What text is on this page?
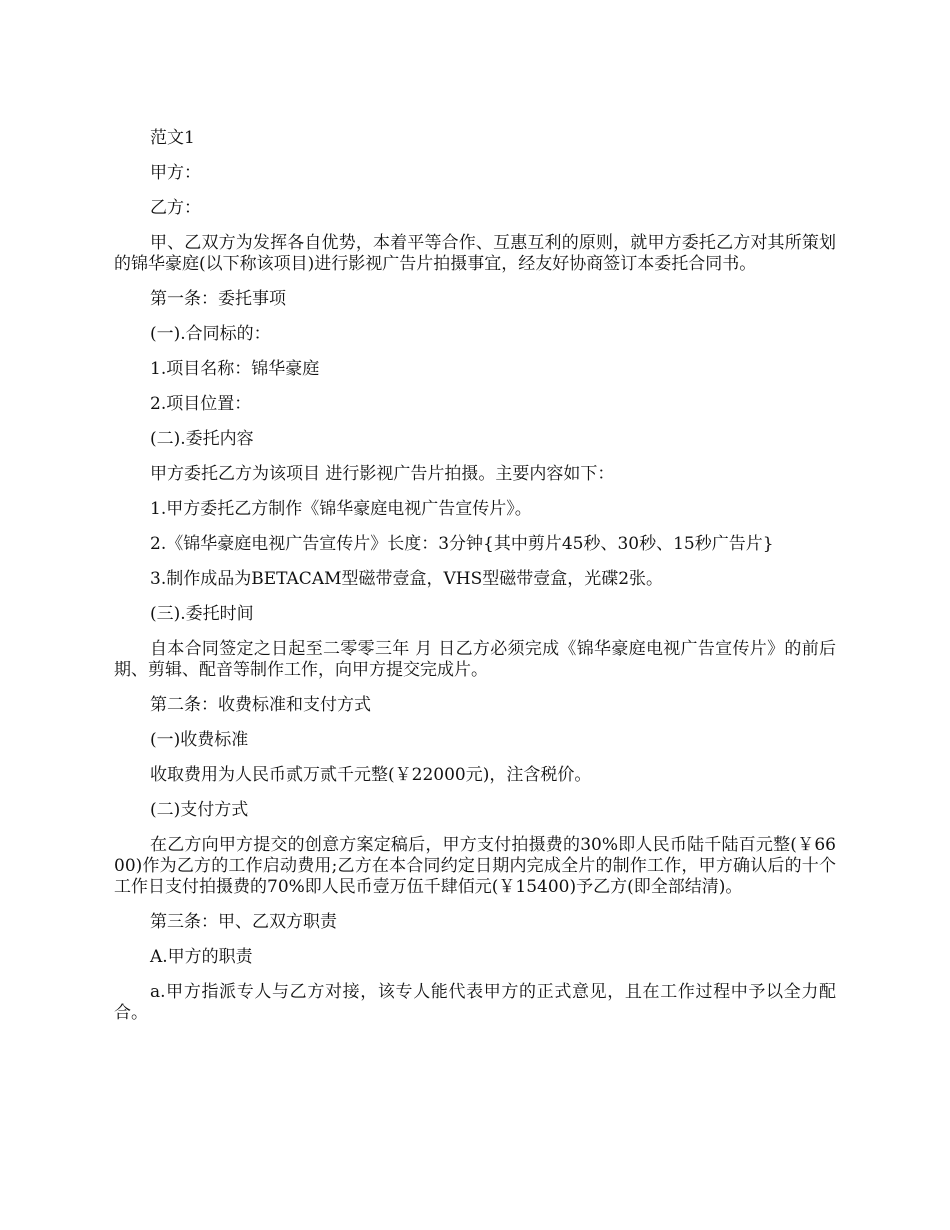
范文1

甲方：

乙方：

甲、乙双方为发挥各自优势，本着平等合作、互惠互利的原则，就甲方委托乙方对其所策划的锦华豪庭(以下称该项目)进行影视广告片拍摄事宜，经友好协商签订本委托合同书。

第一条：委托事项

(一).合同标的：

1.项目名称：锦华豪庭

2.项目位置：

(二).委托内容

甲方委托乙方为该项目 进行影视广告片拍摄。主要内容如下：

1.甲方委托乙方制作《锦华豪庭电视广告宣传片》。

2.《锦华豪庭电视广告宣传片》长度：3分钟{其中剪片45秒、30秒、15秒广告片}

3.制作成品为BETACAM型磁带壹盒，VHS型磁带壹盒，光碟2张。

(三).委托时间

自本合同签定之日起至二零零三年 月 日乙方必须完成《锦华豪庭电视广告宣传片》的前后期、剪辑、配音等制作工作，向甲方提交完成片。

第二条：收费标准和支付方式

(一)收费标准

收取费用为人民币贰万贰千元整(￥22000元)，注含税价。

(二)支付方式

在乙方向甲方提交的创意方案定稿后，甲方支付拍摄费的30%即人民币陆千陆百元整(￥6600)作为乙方的工作启动费用;乙方在本合同约定日期内完成全片的制作工作，甲方确认后的十个工作日支付拍摄费的70%即人民币壹万伍千肆佰元(￥15400)予乙方(即全部结清)。

第三条：甲、乙双方职责

A.甲方的职责

a.甲方指派专人与乙方对接，该专人能代表甲方的正式意见，且在工作过程中予以全力配合。
